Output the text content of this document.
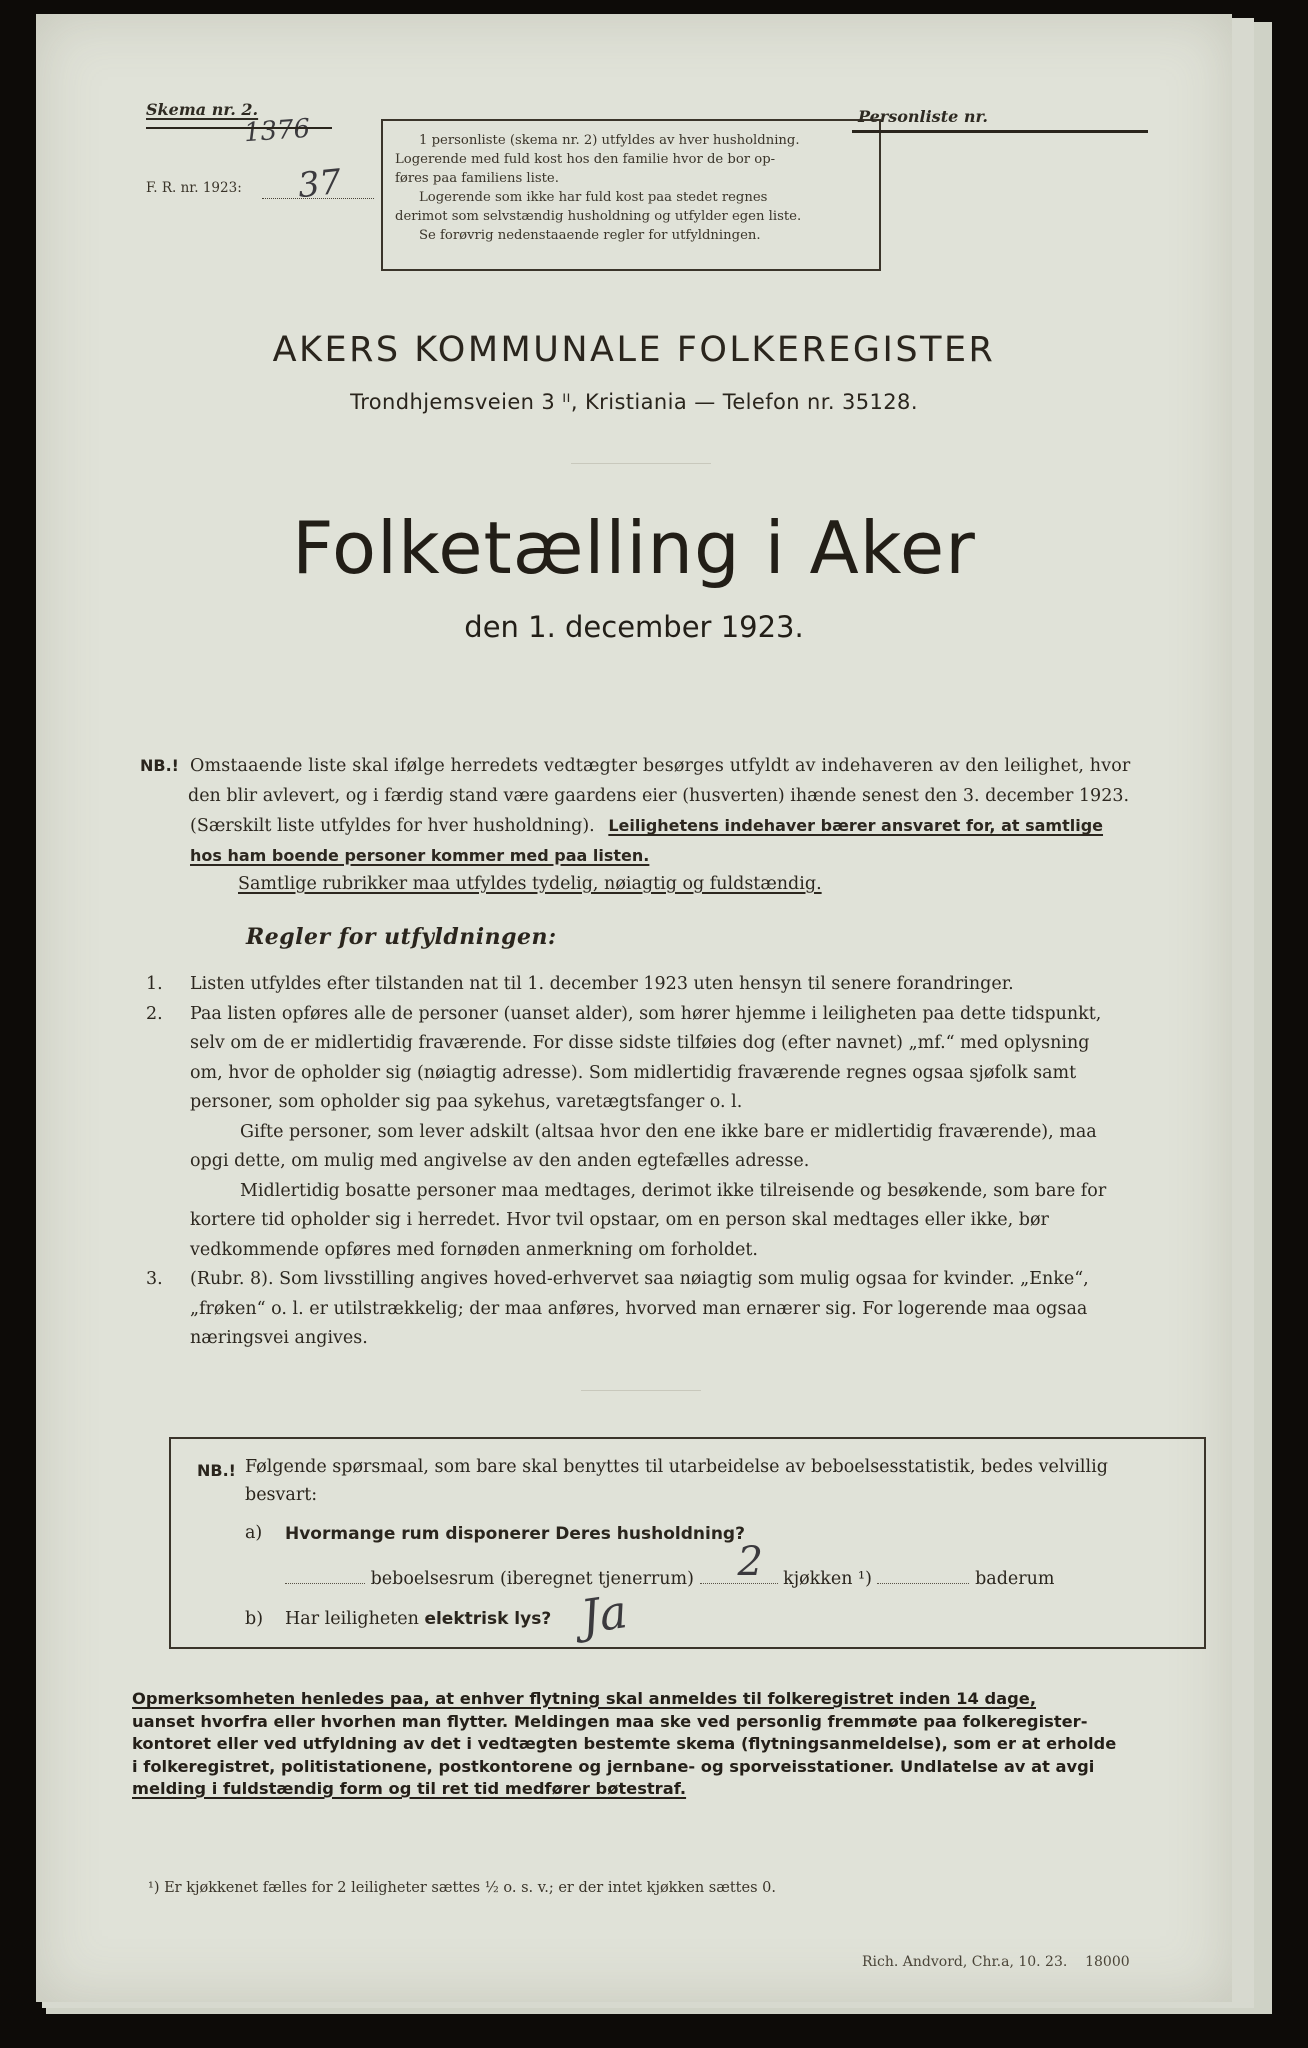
Skema nr. 2.
1376
F. R. nr. 1923: 37
1 personliste (skema nr. 2) utfyldes av hver husholdning.
Logerende med fuld kost hos den familie hvor de bor op-
føres paa familiens liste.
Logerende som ikke har fuld kost paa stedet regnes
derimot som selvstændig husholdning og utfylder egen liste.
Se forøvrig nedenstaaende regler for utfyldningen.
Personliste nr.
AKERS KOMMUNALE FOLKEREGISTER
Trondhjemsveien 3 ᴵᴵ, Kristiania — Telefon nr. 35128.
Folketælling i Aker
den 1. december 1923.
NB.! Omstaaende liste skal ifølge herredets vedtægter besørges utfyldt av indehaveren av den leilighet, hvor
den blir avlevert, og i færdig stand være gaardens eier (husverten) ihænde senest den 3. december 1923.
(Særskilt liste utfyldes for hver husholdning). Leilighetens indehaver bærer ansvaret for, at samtlige
hos ham boende personer kommer med paa listen.
Samtlige rubrikker maa utfyldes tydelig, nøiagtig og fuldstændig.
Regler for utfyldningen:
1. Listen utfyldes efter tilstanden nat til 1. december 1923 uten hensyn til senere forandringer.
2. Paa listen opføres alle de personer (uanset alder), som hører hjemme i leiligheten paa dette tidspunkt,
selv om de er midlertidig fraværende. For disse sidste tilføies dog (efter navnet) „mf.“ med oplysning
om, hvor de opholder sig (nøiagtig adresse). Som midlertidig fraværende regnes ogsaa sjøfolk samt
personer, som opholder sig paa sykehus, varetægtsfanger o. l.
Gifte personer, som lever adskilt (altsaa hvor den ene ikke bare er midlertidig fraværende), maa
opgi dette, om mulig med angivelse av den anden egtefælles adresse.
Midlertidig bosatte personer maa medtages, derimot ikke tilreisende og besøkende, som bare for
kortere tid opholder sig i herredet. Hvor tvil opstaar, om en person skal medtages eller ikke, bør
vedkommende opføres med fornøden anmerkning om forholdet.
3. (Rubr. 8). Som livsstilling angives hoved-erhvervet saa nøiagtig som mulig ogsaa for kvinder. „Enke“,
„frøken“ o. l. er utilstrækkelig; der maa anføres, hvorved man ernærer sig. For logerende maa ogsaa
næringsvei angives.
NB.! Følgende spørsmaal, som bare skal benyttes til utarbeidelse av beboelsesstatistik, bedes velvillig
besvart:
a) Hvormange rum disponerer Deres husholdning?
beboelsesrum (iberegnet tjenerrum) 2 kjøkken ¹)	baderum
b) Har leiligheten elektrisk lys? Ja
Opmerksomheten henledes paa, at enhver flytning skal anmeldes til folkeregistret inden 14 dage,
uanset hvorfra eller hvorhen man flytter. Meldingen maa ske ved personlig fremmøte paa folkeregister-
kontoret eller ved utfyldning av det i vedtægten bestemte skema (flytningsanmeldelse), som er at erholde
i folkeregistret, politistationene, postkontorene og jernbane- og sporveisstationer. Undlatelse av at avgi
melding i fuldstændig form og til ret tid medfører bøtestraf.
¹) Er kjøkkenet fælles for 2 leiligheter sættes ½ o. s. v.; er der intet kjøkken sættes 0.
Rich. Andvord, Chr.a, 10. 23.    18000
